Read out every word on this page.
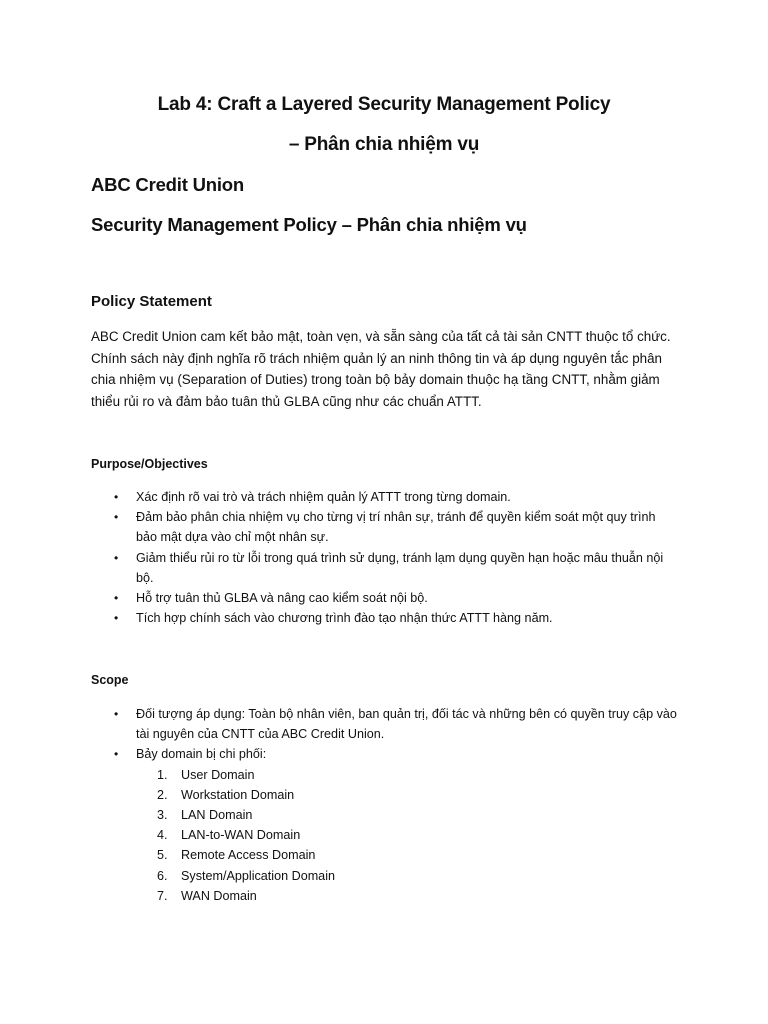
Lab 4: Craft a Layered Security Management Policy
– Phân chia nhiệm vụ
ABC Credit Union
Security Management Policy – Phân chia nhiệm vụ
Policy Statement
ABC Credit Union cam kết bảo mật, toàn vẹn, và sẵn sàng của tất cả tài sản CNTT thuộc tổ chức.
Chính sách này định nghĩa rõ trách nhiệm quản lý an ninh thông tin và áp dụng nguyên tắc phân
chia nhiệm vụ (Separation of Duties) trong toàn bộ bảy domain thuộc hạ tầng CNTT, nhằm giảm
thiểu rủi ro và đảm bảo tuân thủ GLBA cũng như các chuẩn ATTT.
Purpose/Objectives
• Xác định rõ vai trò và trách nhiệm quản lý ATTT trong từng domain.
• Đảm bảo phân chia nhiệm vụ cho từng vị trí nhân sự, tránh để quyền kiểm soát một quy trình
bảo mật dựa vào chỉ một nhân sự.
• Giảm thiểu rủi ro từ lỗi trong quá trình sử dụng, tránh lạm dụng quyền hạn hoặc mâu thuẫn nội
bộ.
• Hỗ trợ tuân thủ GLBA và nâng cao kiểm soát nội bộ.
• Tích hợp chính sách vào chương trình đào tạo nhận thức ATTT hàng năm.
Scope
• Đối tượng áp dụng: Toàn bộ nhân viên, ban quản trị, đối tác và những bên có quyền truy cập vào
tài nguyên của CNTT của ABC Credit Union.
• Bảy domain bị chi phối:
1. User Domain
2. Workstation Domain
3. LAN Domain
4. LAN-to-WAN Domain
5. Remote Access Domain
6. System/Application Domain
7. WAN Domain
